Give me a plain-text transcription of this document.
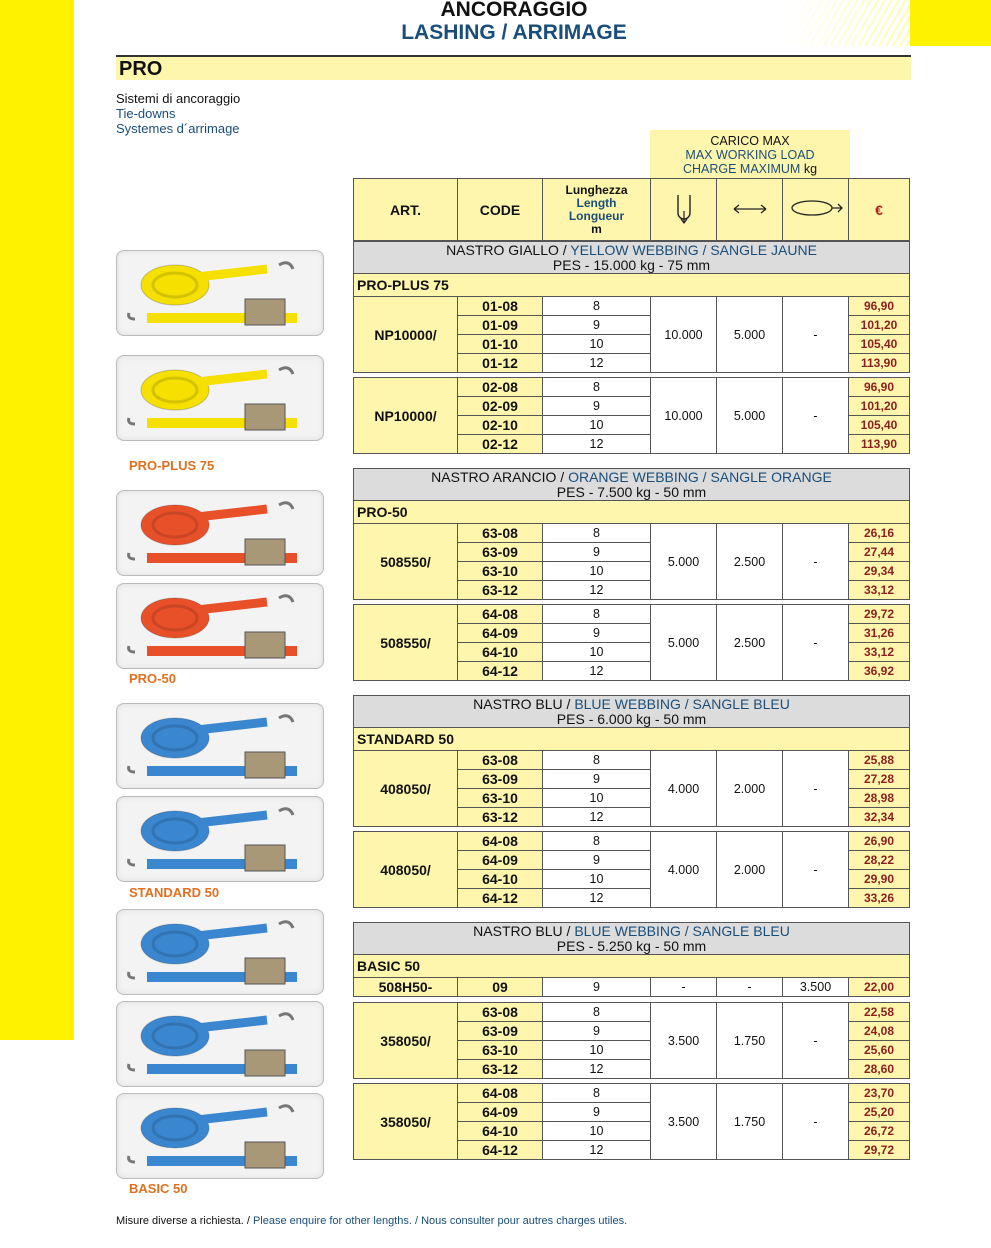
ANCORAGGIO
LASHING / ARRIMAGE
PRO
Sistemi di ancoraggio
Tie-downs
Systemes d´arrimage
CARICO MAX
MAX WORKING LOAD
CHARGE MAXIMUM kg
ART.	CODE	
Lunghezza
Length
Longueur
m
				€
NASTRO GIALLO / YELLOW WEBBING / SANGLE JAUNE
PES - 15.000 kg - 75 mm

PRO-PLUS 75
NP10000/	01-08	8	10.000	5.000	-	96,90
	01-09	9				101,20
	01-10	10				105,40
	01-12	12				113,90
NP10000/	02-08	8	10.000	5.000	-	96,90
	02-09	9				101,20
	02-10	10				105,40
	02-12	12				113,90
NASTRO ARANCIO / ORANGE WEBBING / SANGLE ORANGE
PES - 7.500 kg - 50 mm

PRO-50
508550/	63-08	8	5.000	2.500	-	26,16
	63-09	9				27,44
	63-10	10				29,34
	63-12	12				33,12
508550/	64-08	8	5.000	2.500	-	29,72
	64-09	9				31,26
	64-10	10				33,12
	64-12	12				36,92
NASTRO BLU / BLUE WEBBING / SANGLE BLEU
PES - 6.000 kg - 50 mm

STANDARD 50
408050/	63-08	8	4.000	2.000	-	25,88
	63-09	9				27,28
	63-10	10				28,98
	63-12	12				32,34
408050/	64-08	8	4.000	2.000	-	26,90
	64-09	9				28,22
	64-10	10				29,90
	64-12	12				33,26
NASTRO BLU / BLUE WEBBING / SANGLE BLEU
PES - 5.250 kg - 50 mm

BASIC 50
508H50-	09	9	-	-	3.500	22,00
358050/	63-08	8	3.500	1.750	-	22,58
	63-09	9				24,08
	63-10	10				25,60
	63-12	12				28,60
358050/	64-08	8	3.500	1.750	-	23,70
	64-09	9				25,20
	64-10	10				26,72
	64-12	12				29,72
PRO-PLUS 75
PRO-50
STANDARD 50
BASIC 50
Misure diverse a richiesta. / Please enquire for other lengths. / Nous consulter pour autres charges utiles.
